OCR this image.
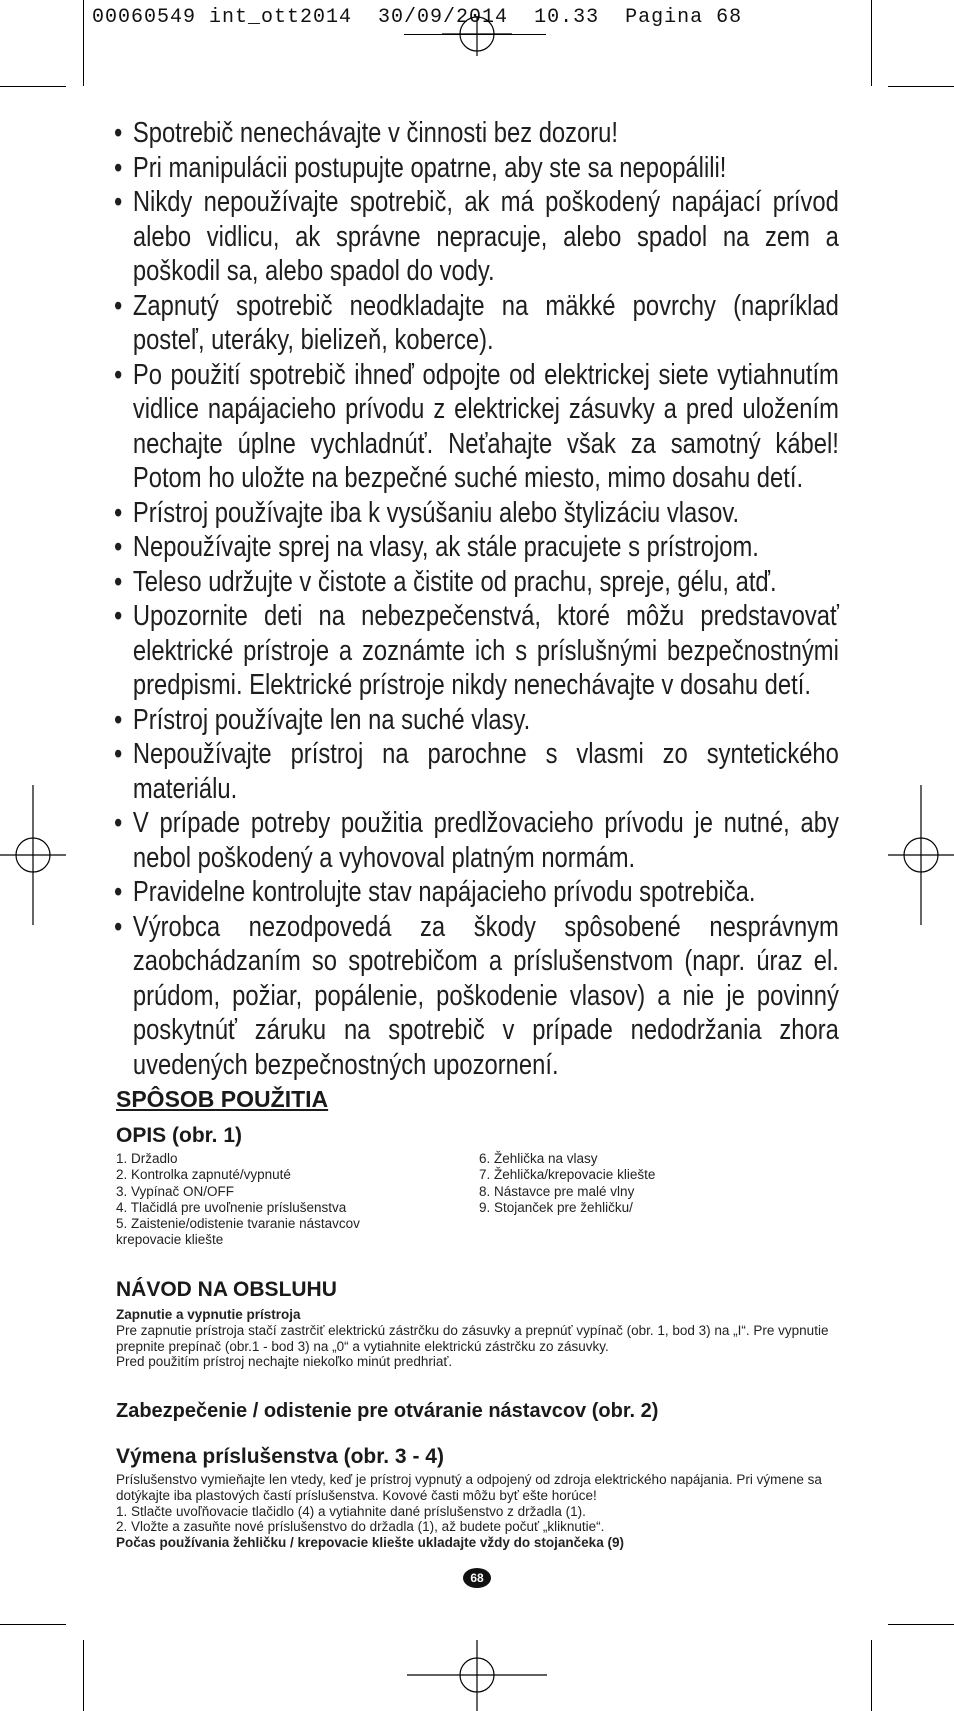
00060549 int_ott2014  30/09/2014  10.33  Pagina 68
• Spotrebič nenechávajte v činnosti bez dozoru!
• Pri manipulácii postupujte opatrne, aby ste sa nepopálili!
• Nikdy nepoužívajte spotrebič, ak má poškodený napájací prívod alebo vidlicu, ak správne nepracuje, alebo spadol na zem a poškodil sa, alebo spadol do vody.
• Zapnutý spotrebič neodkladajte na mäkké povrchy (napríklad posteľ, uteráky, bielizeň, koberce).
• Po použití spotrebič ihneď odpojte od elektrickej siete vytiahnutím vidlice napájacieho prívodu z elektrickej zásuvky a pred uložením nechajte úplne vychladnúť. Neťahajte však za samotný kábel! Potom ho uložte na bezpečné suché miesto, mimo dosahu detí.
• Prístroj používajte iba k vysúšaniu alebo štylizáciu vlasov.
• Nepoužívajte sprej na vlasy, ak stále pracujete s prístrojom.
• Teleso udržujte v čistote a čistite od prachu, spreje, gélu, atď.
• Upozornite deti na nebezpečenstvá, ktoré môžu predstavovať elektrické prístroje a zoznámte ich s príslušnými bezpečnostnými predpismi. Elektrické prístroje nikdy nenechávajte v dosahu detí.
• Prístroj používajte len na suché vlasy.
• Nepoužívajte prístroj na parochne s vlasmi zo syntetického materiálu.
• V prípade potreby použitia predlžovacieho prívodu je nutné, aby nebol poškodený a vyhovoval platným normám.
• Pravidelne kontrolujte stav napájacieho prívodu spotrebiča.
• Výrobca nezodpovedá za škody spôsobené nesprávnym zaobchádzaním so spotrebičom a príslušenstvom (napr. úraz el. prúdom, požiar, popálenie, poškodenie vlasov) a nie je povinný poskytnúť záruku na spotrebič v prípade nedodržania zhora uvedených bezpečnostných upozornení.
SPÔSOB POUŽITIA
OPIS (obr. 1)
1. Držadlo
2. Kontrolka zapnuté/vypnuté
3. Vypínač ON/OFF
4. Tlačidlá pre uvoľnenie príslušenstva
5. Zaistenie/odistenie tvaranie nástavcov
krepovacie kliešte
6. Žehlička na vlasy
7. Žehlička/krepovacie kliešte
8. Nástavce pre malé vlny
9. Stojanček pre žehličku/
NÁVOD NA OBSLUHU
Zapnutie a vypnutie prístroja
Pre zapnutie prístroja stačí zastrčiť elektrickú zástrčku do zásuvky a prepnúť vypínač (obr. 1, bod 3) na „I“. Pre vypnutie prepnite prepínač (obr.1 - bod 3) na „0“ a vytiahnite elektrickú zástrčku zo zásuvky.
Pred použitím prístroj nechajte niekoľko minút predhriať.
Zabezpečenie / odistenie pre otváranie nástavcov (obr. 2)
Výmena príslušenstva (obr. 3 - 4)
Príslušenstvo vymieňajte len vtedy, keď je prístroj vypnutý a odpojený od zdroja elektrického napájania. Pri výmene sa dotýkajte iba plastových častí príslušenstva. Kovové časti môžu byť ešte horúce!
1. Stlačte uvoľňovacie tlačidlo (4) a vytiahnite dané príslušenstvo z držadla (1).
2. Vložte a zasuňte nové príslušenstvo do držadla (1), až budete počuť „kliknutie“.
Počas používania žehličku / krepovacie kliešte ukladajte vždy do stojančeka (9)
68
